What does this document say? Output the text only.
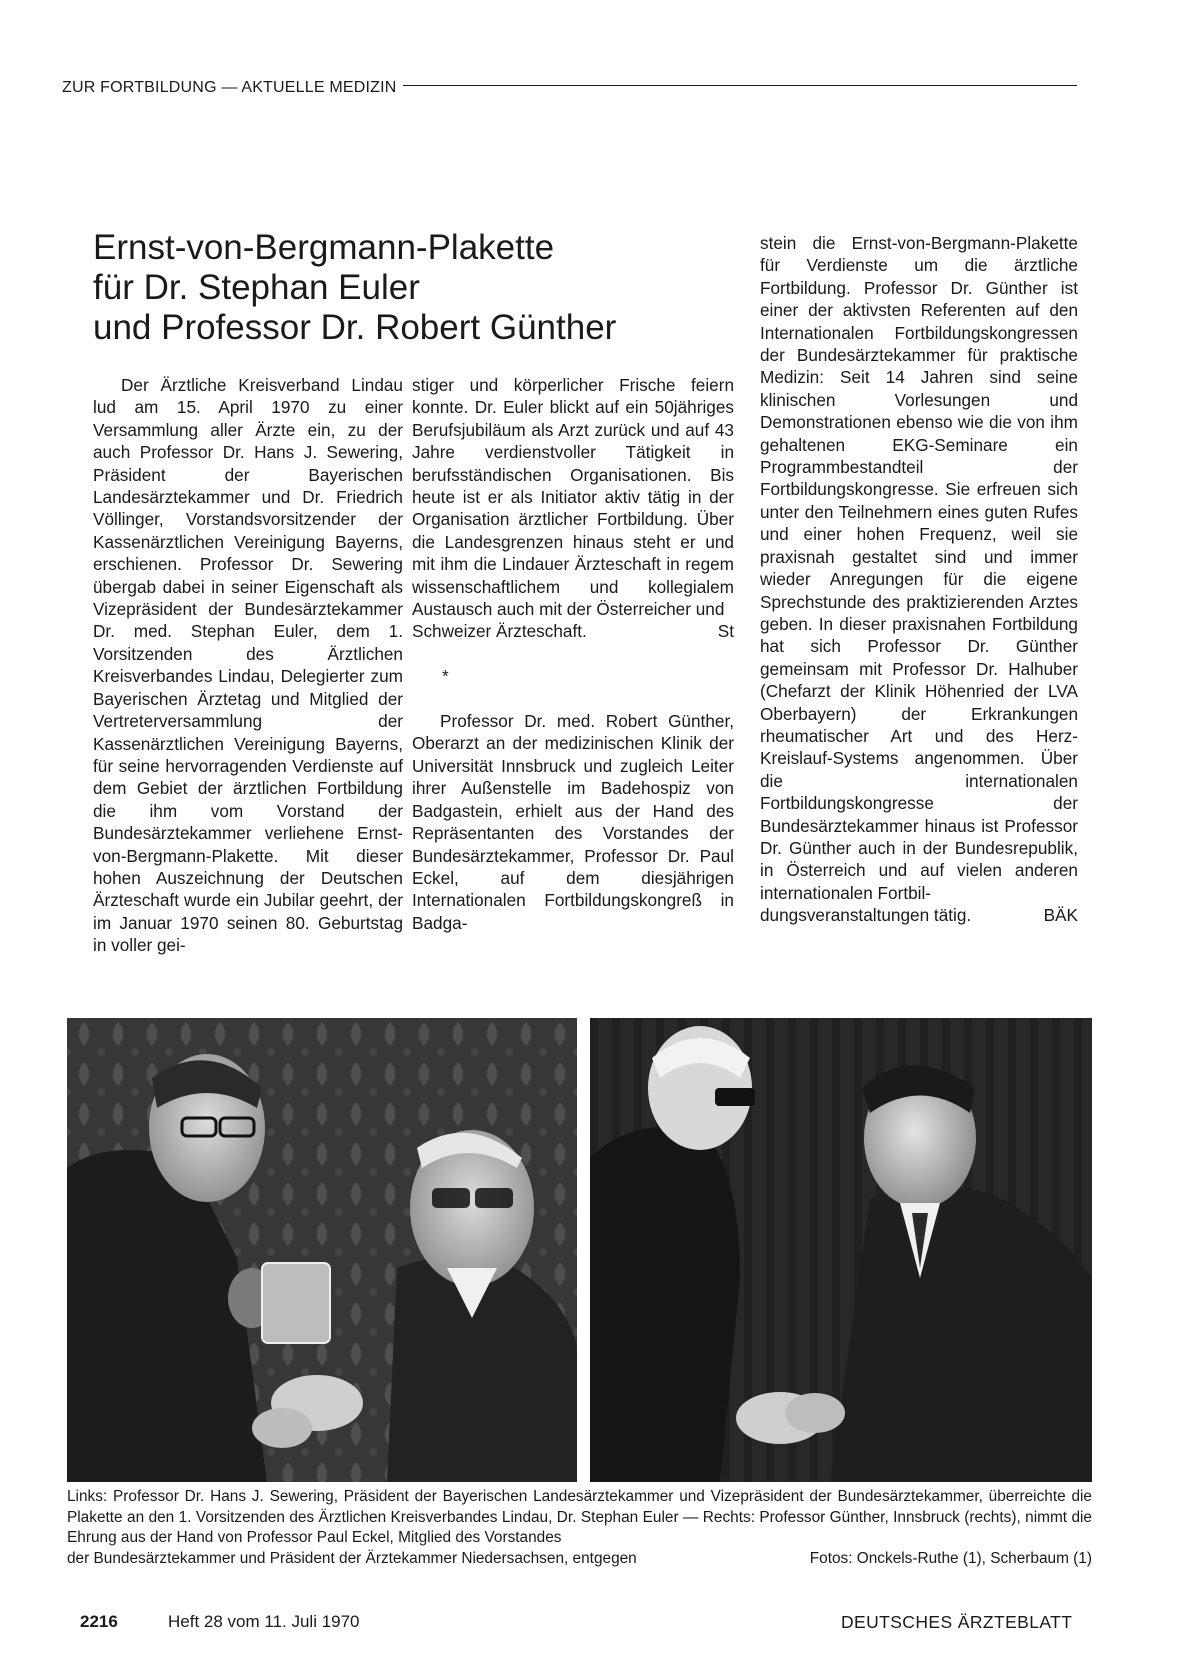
ZUR FORTBILDUNG — AKTUELLE MEDIZIN
Ernst-von-Bergmann-Plakette
für Dr. Stephan Euler
und Professor Dr. Robert Günther

Der Ärztliche Kreisverband Lindau lud am 15. April 1970 zu einer Versammlung aller Ärzte ein, zu der auch Professor Dr. Hans J. Sewering, Präsident der Bayerischen Landesärztekammer und Dr. Friedrich Völlinger, Vorstandsvorsitzender der Kassenärztlichen Vereinigung Bayerns, erschienen. Professor Dr. Sewering übergab dabei in seiner Eigenschaft als Vizepräsident der Bundesärztekammer Dr. med. Stephan Euler, dem 1. Vorsitzenden des Ärztlichen Kreisverbandes Lindau, Delegierter zum Bayerischen Ärztetag und Mitglied der Vertreterversammlung der Kassenärztlichen Vereinigung Bayerns, für seine hervorragenden Verdienste auf dem Gebiet der ärztlichen Fortbildung die ihm vom Vorstand der Bundesärztekammer verliehene Ernst-von-Bergmann-Plakette. Mit dieser hohen Auszeichnung der Deutschen Ärzteschaft wurde ein Jubilar geehrt, der im Januar 1970 seinen 80. Geburtstag in voller gei-

stiger und körperlicher Frische feiern konnte. Dr. Euler blickt auf ein 50jähriges Berufsjubiläum als Arzt zurück und auf 43 Jahre verdienstvoller Tätigkeit in berufsständischen Organisationen. Bis heute ist er als Initiator aktiv tätig in der Organisation ärztlicher Fortbildung. Über die Landesgrenzen hinaus steht er und mit ihm die Lindauer Ärzteschaft in regem wissenschaftlichem und kollegialem Austausch auch mit der Österreicher und

Schweizer Ärzteschaft.	St

*

Professor Dr. med. Robert Günther, Oberarzt an der medizinischen Klinik der Universität Innsbruck und zugleich Leiter ihrer Außenstelle im Badehospiz von Badgastein, erhielt aus der Hand des Repräsentanten des Vorstandes der Bundesärztekammer, Professor Dr. Paul Eckel, auf dem diesjährigen Internationalen Fortbildungskongreß in Badga-

stein die Ernst-von-Bergmann-Plakette für Verdienste um die ärztliche Fortbildung. Professor Dr. Günther ist einer der aktivsten Referenten auf den Internationalen Fortbildungskongressen der Bundesärztekammer für praktische Medizin: Seit 14 Jahren sind seine klinischen Vorlesungen und Demonstrationen ebenso wie die von ihm gehaltenen EKG-Seminare ein Programmbestandteil der Fortbildungskongresse. Sie erfreuen sich unter den Teilnehmern eines guten Rufes und einer hohen Frequenz, weil sie praxisnah gestaltet sind und immer wieder Anregungen für die eigene Sprechstunde des praktizierenden Arztes geben. In dieser praxisnahen Fortbildung hat sich Professor Dr. Günther gemeinsam mit Professor Dr. Halhuber (Chefarzt der Klinik Höhenried der LVA Oberbayern) der Erkrankungen rheumatischer Art und des Herz-Kreislauf-Systems angenommen. Über die internationalen Fortbildungskongresse der Bundesärztekammer hinaus ist Professor Dr. Günther auch in der Bundesrepublik, in Österreich und auf vielen anderen internationalen Fortbil-

dungsveranstaltungen tätig.	BÄK

Links: Professor Dr. Hans J. Sewering, Präsident der Bayerischen Landesärztekammer und Vizepräsident der Bundesärztekammer, überreichte die Plakette an den 1. Vorsitzenden des Ärztlichen Kreisverbandes Lindau, Dr. Stephan Euler — Rechts: Professor Günther, Innsbruck (rechts), nimmt die Ehrung aus der Hand von Professor Paul Eckel, Mitglied des Vorstandes

der Bundesärztekammer und Präsident der Ärztekammer Niedersachsen, entgegen	Fotos: Onckels-Ruthe (1), Scherbaum (1)
2216	Heft 28 vom 11. Juli 1970	DEUTSCHES ÄRZTEBLATT
